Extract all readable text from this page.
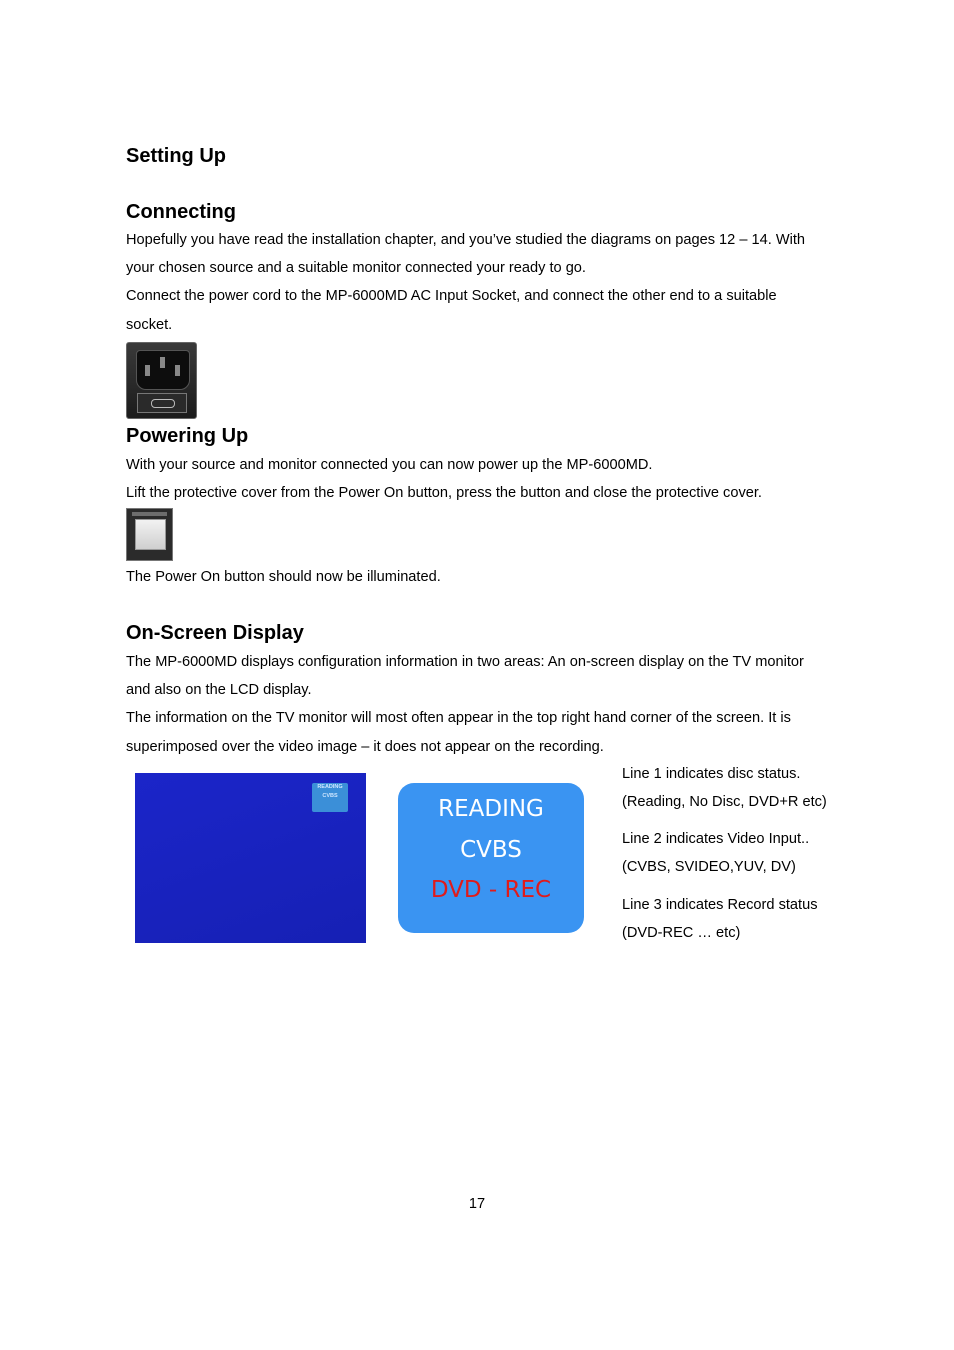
Setting Up
Connecting

Hopefully you have read the installation chapter, and you’ve studied the diagrams on pages 12 – 14. With
your chosen source and a suitable monitor connected your ready to go.
Connect the power cord to the MP-6000MD AC Input Socket, and connect the other end to a suitable
socket.

Powering Up

With your source and monitor connected you can now power up the MP-6000MD.
Lift the protective cover from the Power On button, press the button and close the protective cover.

The Power On button should now be illuminated.

On-Screen Display

The MP-6000MD displays configuration information in two areas: An on-screen display on the TV monitor
and also on the LCD display.
The information on the TV monitor will most often appear in the top right hand corner of the screen. It is
superimposed over the video image – it does not appear on the recording.

READING
CVBS	READING
CVBS
DVD - REC

Line 1 indicates disc status.
(Reading, No Disc, DVD+R etc)

Line 2 indicates Video Input..
(CVBS, SVIDEO,YUV, DV)

Line 3 indicates Record status
(DVD-REC … etc)

17
